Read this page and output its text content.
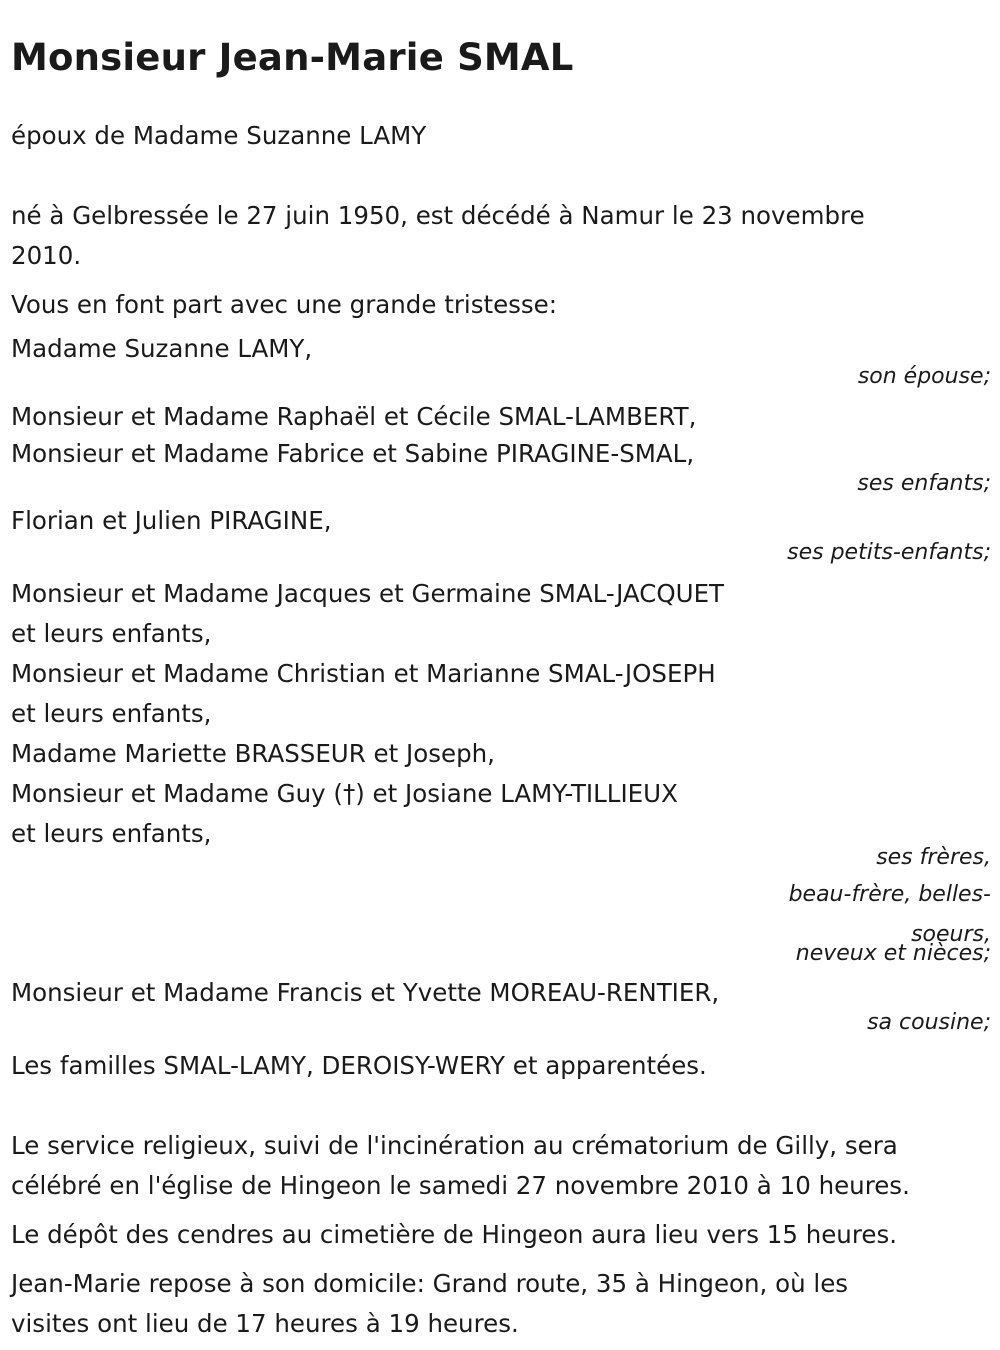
Monsieur Jean-Marie SMAL

époux de Madame Suzanne LAMY

né à Gelbressée le 27 juin 1950, est décédé à Namur le 23 novembre 2010.

Vous en font part avec une grande tristesse:

Madame Suzanne LAMY,

son épouse;

Monsieur et Madame Raphaël et Cécile SMAL-LAMBERT,

Monsieur et Madame Fabrice et Sabine PIRAGINE-SMAL,

ses enfants;

Florian et Julien PIRAGINE,

ses petits-enfants;

Monsieur et Madame Jacques et Germaine SMAL-JACQUET

et leurs enfants,

Monsieur et Madame Christian et Marianne SMAL-JOSEPH

et leurs enfants,

Madame Mariette BRASSEUR et Joseph,

Monsieur et Madame Guy (†) et Josiane LAMY-TILLIEUX

et leurs enfants,

ses frères,

beau-frère, belles-

soeurs,

neveux et nièces;

Monsieur et Madame Francis et Yvette MOREAU-RENTIER,

sa cousine;

Les familles SMAL-LAMY, DEROISY-WERY et apparentées.

Le service religieux, suivi de l'incinération au crématorium de Gilly, sera célébré en l'église de Hingeon le samedi 27 novembre 2010 à 10 heures.

Le dépôt des cendres au cimetière de Hingeon aura lieu vers 15 heures.

Jean-Marie repose à son domicile: Grand route, 35 à Hingeon, où les visites ont lieu de 17 heures à 19 heures.
